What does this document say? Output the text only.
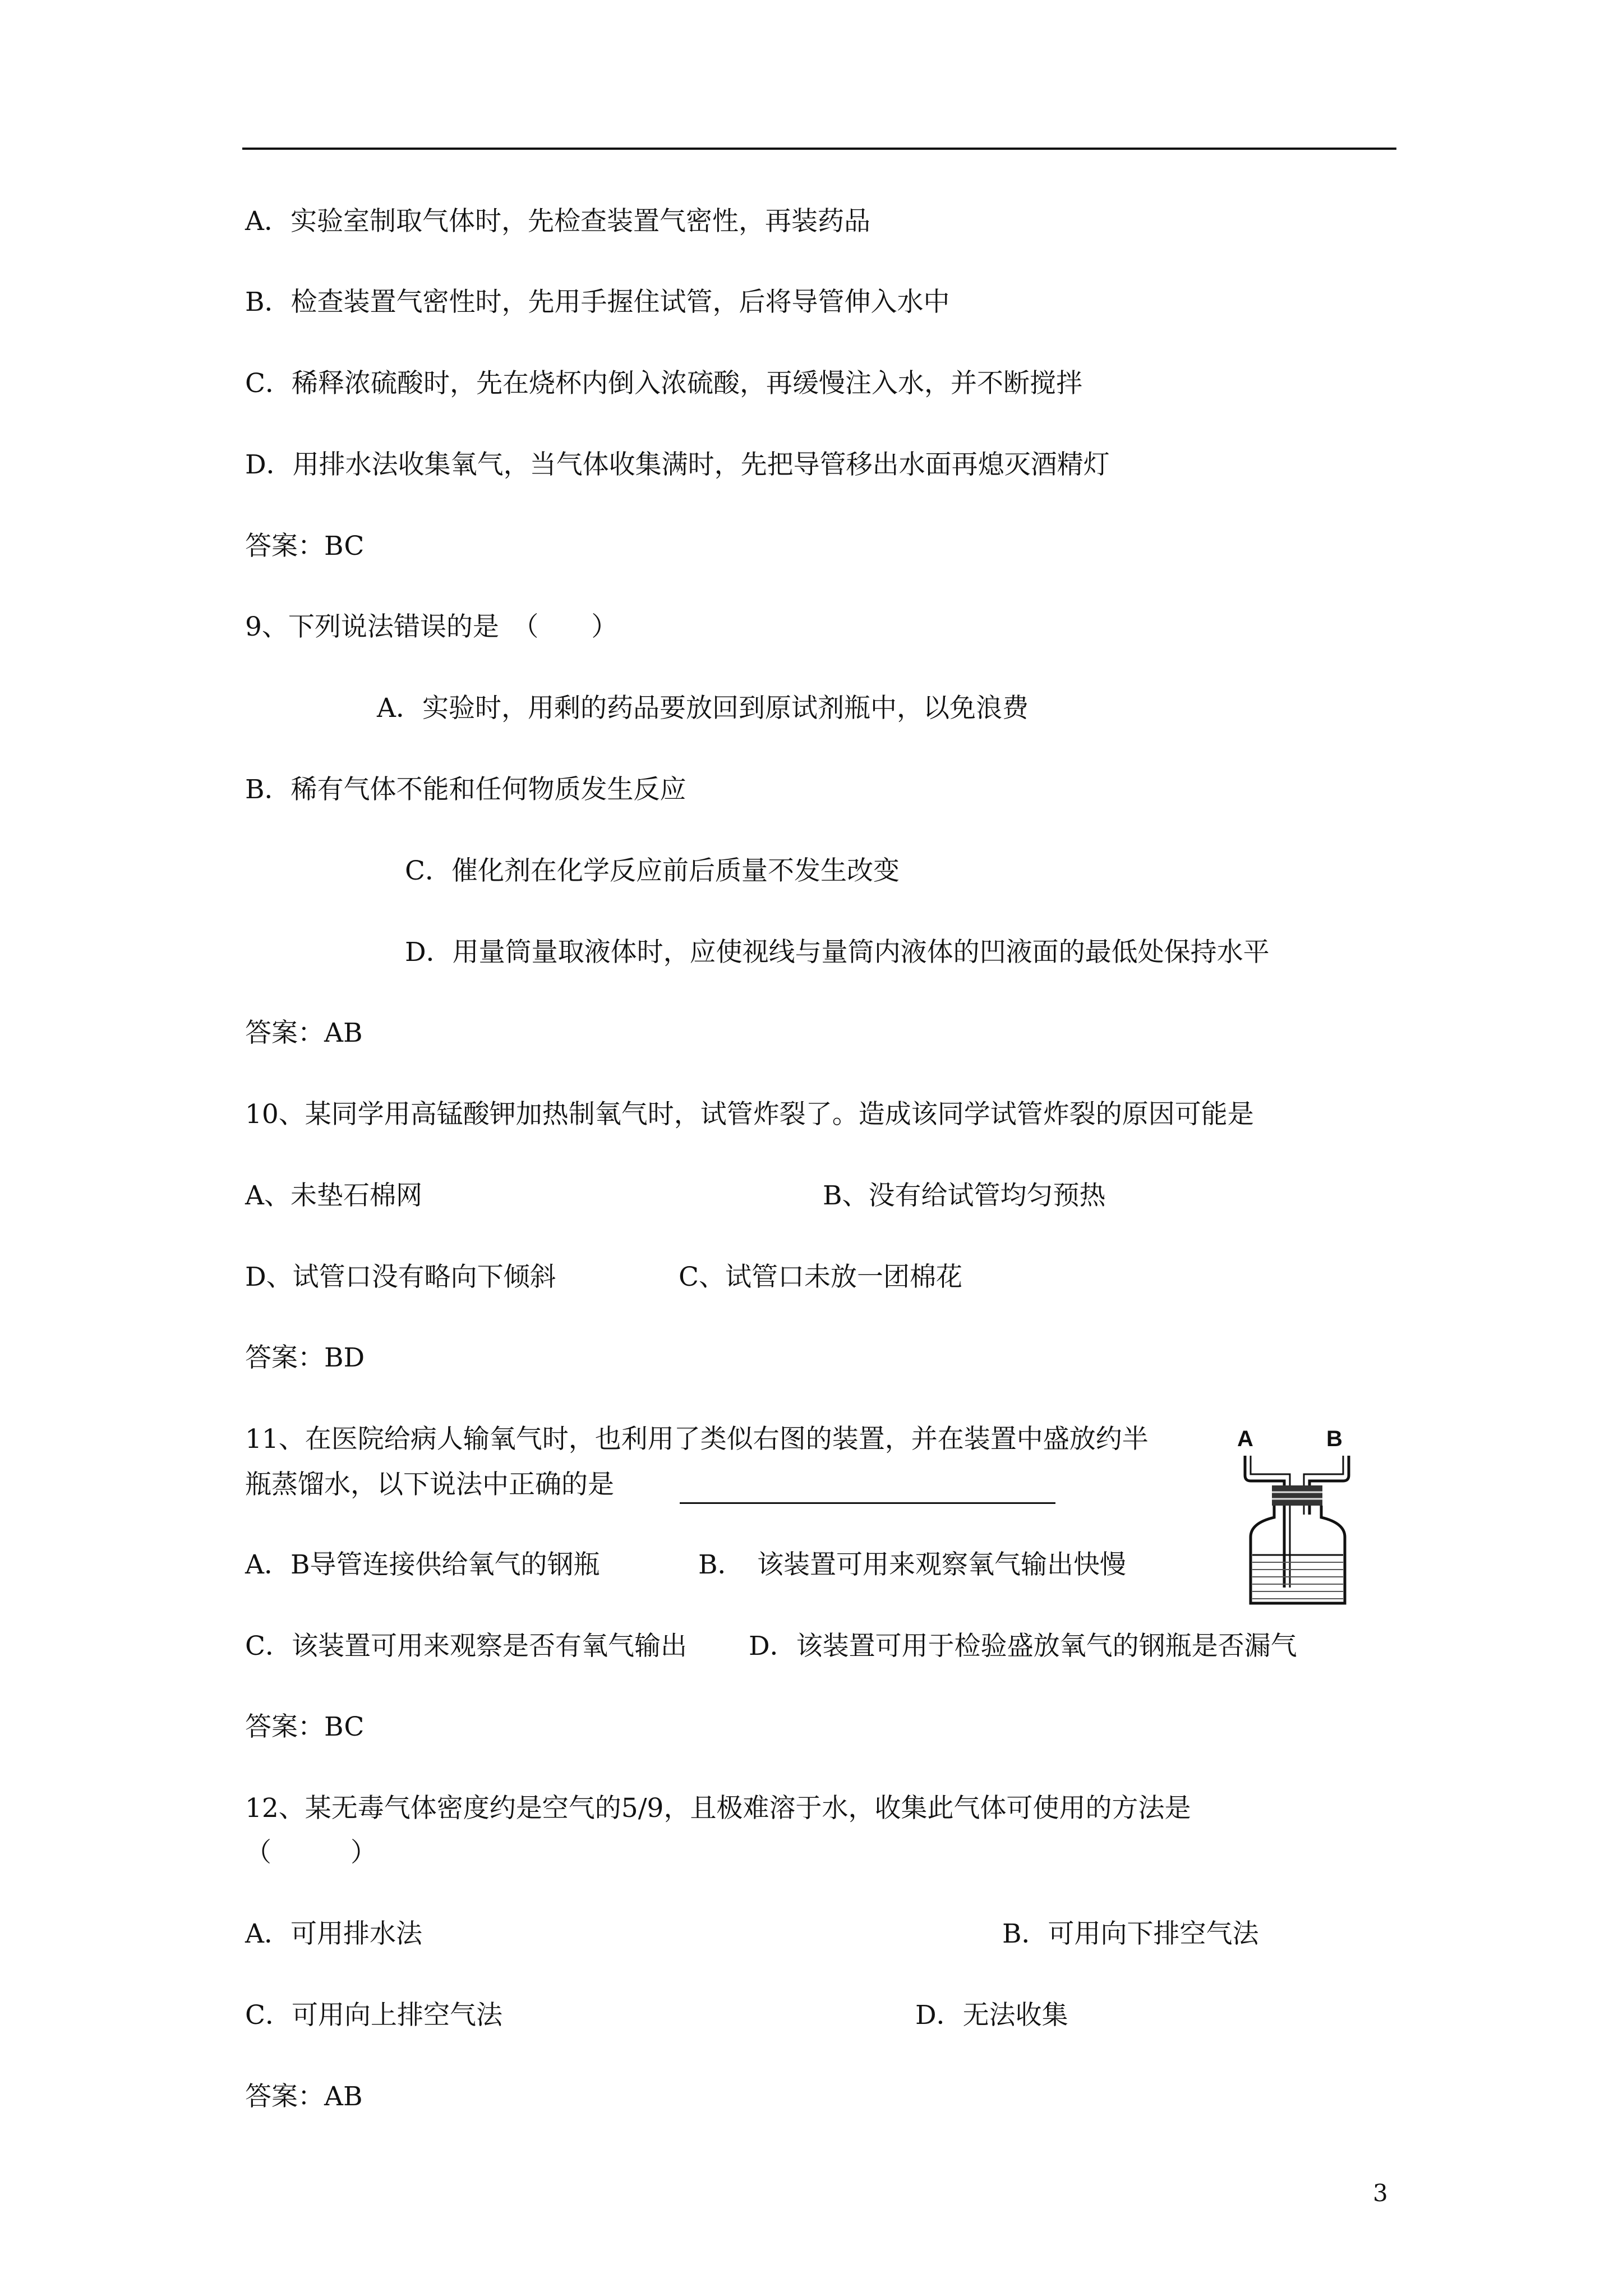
A．实验室制取气体时，先检查装置气密性，再装药品
B．检查装置气密性时，先用手握住试管，后将导管伸入水中
C．稀释浓硫酸时，先在烧杯内倒入浓硫酸，再缓慢注入水，并不断搅拌
D．用排水法收集氧气，当气体收集满时，先把导管移出水面再熄灭酒精灯
答案：BC
9、下列说法错误的是　（　　）
A．实验时，用剩的药品要放回到原试剂瓶中，以免浪费
B．稀有气体不能和任何物质发生反应
C．催化剂在化学反应前后质量不发生改变
D．用量筒量取液体时，应使视线与量筒内液体的凹液面的最低处保持水平
答案：AB
10、某同学用高锰酸钾加热制氧气时，试管炸裂了。造成该同学试管炸裂的原因可能是
A、未垫石棉网	B、没有给试管均匀预热
D、试管口没有略向下倾斜	C、试管口未放一团棉花
答案：BD
11、在医院给病人输氧气时，也利用了类似右图的装置，并在装置中盛放约半
瓶蒸馏水，以下说法中正确的是
A．B导管连接供给氧气的钢瓶	B．　该装置可用来观察氧气输出快慢
C．该装置可用来观察是否有氧气输出 D．该装置可用于检验盛放氧气的钢瓶是否漏气
答案：BC
A	B
12、某无毒气体密度约是空气的5/9，且极难溶于水，收集此气体可使用的方法是
（　　　）
A．可用排水法	B．可用向下排空气法
C．可用向上排空气法	D．无法收集
答案：AB
3
